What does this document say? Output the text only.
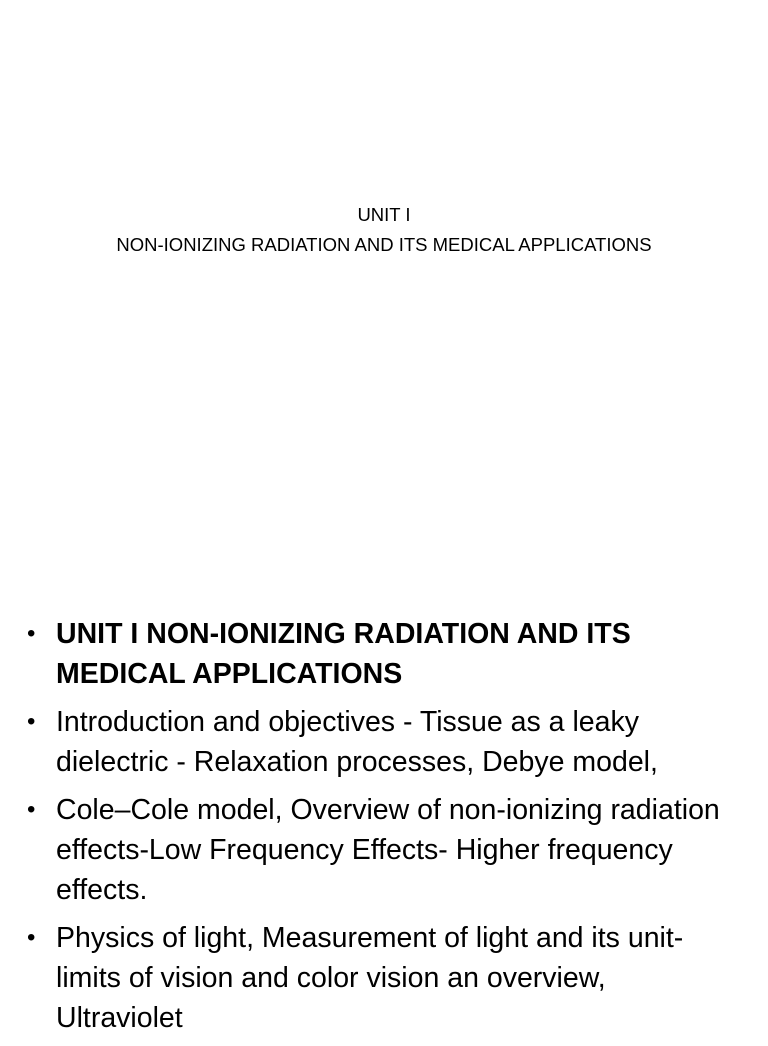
UNIT I
NON-IONIZING RADIATION AND ITS MEDICAL APPLICATIONS
• UNIT I NON-IONIZING RADIATION AND ITS MEDICAL APPLICATIONS
• Introduction and objectives - Tissue as a leaky dielectric - Relaxation processes, Debye model,
• Cole–Cole model, Overview of non-ionizing radiation effects-Low Frequency Effects- Higher frequency effects.
• Physics of light, Measurement of light and its unit- limits of vision and color vision an overview, Ultraviolet
